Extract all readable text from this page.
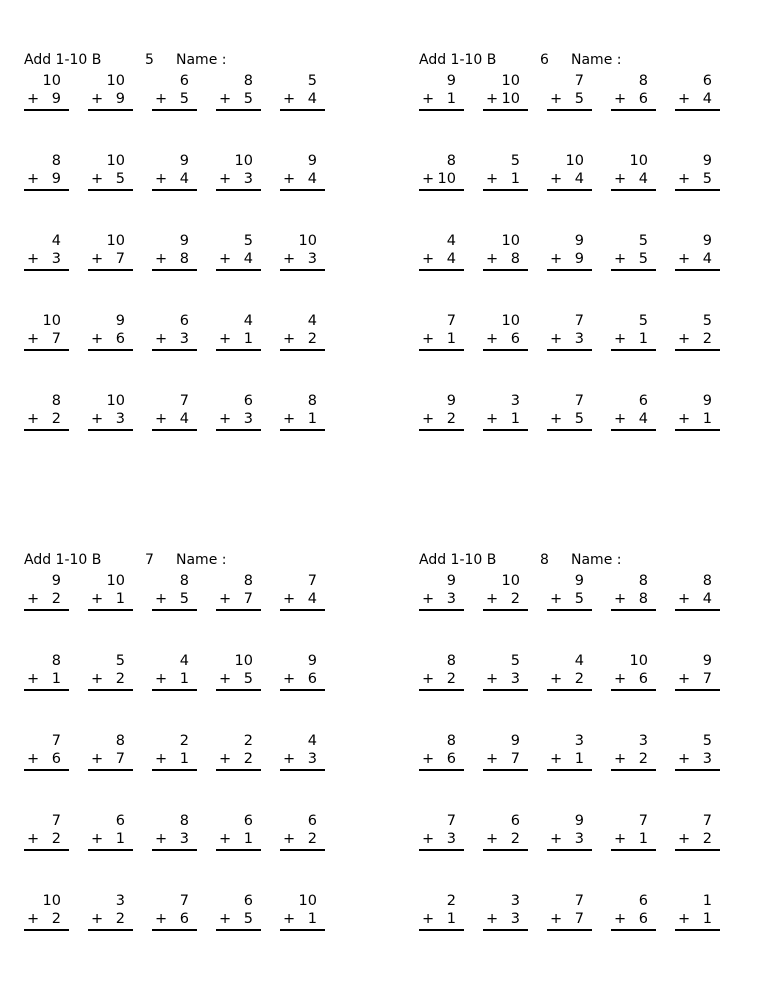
Add 1-10 B	5 Name :
10
+ 9
10
+ 9
6
+ 5
8
+ 5
5
+ 4
8
+ 9
10
+ 5
9
+ 4
10
+ 3
9
+ 4
4
+ 3
10
+ 7
9
+ 8
5
+ 4
10
+ 3
10
+ 7
9
+ 6
6
+ 3
4
+ 1
4
+ 2
8
+ 2
10
+ 3
7
+ 4
6
+ 3
8
+ 1
Add 1-10 B	6 Name :
9
+ 1
10
+ 10
7
+ 5
8
+ 6
6
+ 4
8
+ 10
5
+ 1
10
+ 4
10
+ 4
9
+ 5
4
+ 4
10
+ 8
9
+ 9
5
+ 5
9
+ 4
7
+ 1
10
+ 6
7
+ 3
5
+ 1
5
+ 2
9
+ 2
3
+ 1
7
+ 5
6
+ 4
9
+ 1
Add 1-10 B	7 Name :
9
+ 2
10
+ 1
8
+ 5
8
+ 7
7
+ 4
8
+ 1
5
+ 2
4
+ 1
10
+ 5
9
+ 6
7
+ 6
8
+ 7
2
+ 1
2
+ 2
4
+ 3
7
+ 2
6
+ 1
8
+ 3
6
+ 1
6
+ 2
10
+ 2
3
+ 2
7
+ 6
6
+ 5
10
+ 1
Add 1-10 B	8 Name :
9
+ 3
10
+ 2
9
+ 5
8
+ 8
8
+ 4
8
+ 2
5
+ 3
4
+ 2
10
+ 6
9
+ 7
8
+ 6
9
+ 7
3
+ 1
3
+ 2
5
+ 3
7
+ 3
6
+ 2
9
+ 3
7
+ 1
7
+ 2
2
+ 1
3
+ 3
7
+ 7
6
+ 6
1
+ 1
